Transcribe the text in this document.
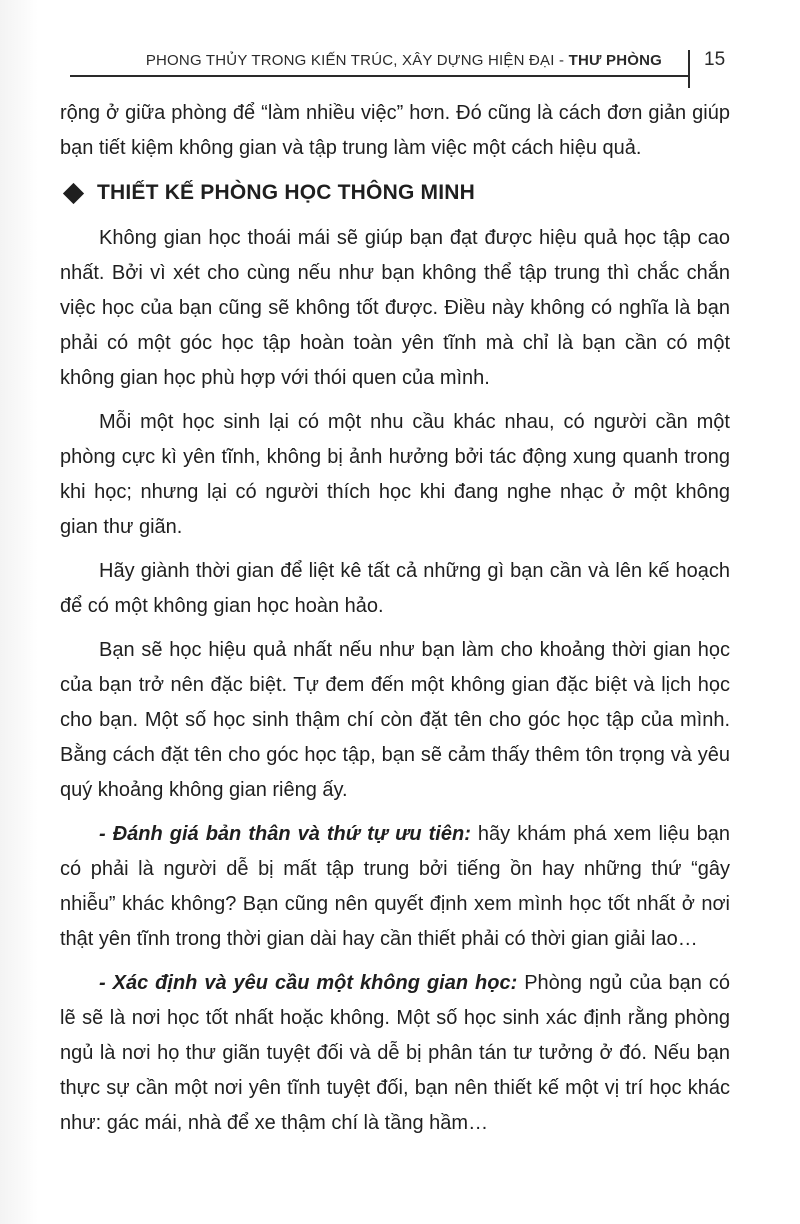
PHONG THỦY TRONG KIẾN TRÚC, XÂY DỰNG HIỆN ĐẠI - THƯ PHÒNG 15

rộng ở giữa phòng để “làm nhiều việc” hơn. Đó cũng là cách đơn giản giúp bạn tiết kiệm không gian và tập trung làm việc một cách hiệu quả.

THIẾT KẾ PHÒNG HỌC THÔNG MINH

Không gian học thoái mái sẽ giúp bạn đạt được hiệu quả học tập cao nhất. Bởi vì xét cho cùng nếu như bạn không thể tập trung thì chắc chắn việc học của bạn cũng sẽ không tốt được. Điều này không có nghĩa là bạn phải có một góc học tập hoàn toàn yên tĩnh mà chỉ là bạn cần có một không gian học phù hợp với thói quen của mình.

Mỗi một học sinh lại có một nhu cầu khác nhau, có người cần một phòng cực kì yên tĩnh, không bị ảnh hưởng bởi tác động xung quanh trong khi học; nhưng lại có người thích học khi đang nghe nhạc ở một không gian thư giãn.

Hãy giành thời gian để liệt kê tất cả những gì bạn cần và lên kế hoạch để có một không gian học hoàn hảo.

Bạn sẽ học hiệu quả nhất nếu như bạn làm cho khoảng thời gian học của bạn trở nên đặc biệt. Tự đem đến một không gian đặc biệt và lịch học cho bạn. Một số học sinh thậm chí còn đặt tên cho góc học tập của mình. Bằng cách đặt tên cho góc học tập, bạn sẽ cảm thấy thêm tôn trọng và yêu quý khoảng không gian riêng ấy.

- Đánh giá bản thân và thứ tự ưu tiên: hãy khám phá xem liệu bạn có phải là người dễ bị mất tập trung bởi tiếng ồn hay những thứ “gây nhiễu” khác không? Bạn cũng nên quyết định xem mình học tốt nhất ở nơi thật yên tĩnh trong thời gian dài hay cần thiết phải có thời gian giải lao…

- Xác định và yêu cầu một không gian học: Phòng ngủ của bạn có lẽ sẽ là nơi học tốt nhất hoặc không. Một số học sinh xác định rằng phòng ngủ là nơi họ thư giãn tuyệt đối và dễ bị phân tán tư tưởng ở đó. Nếu bạn thực sự cần một nơi yên tĩnh tuyệt đối, bạn nên thiết kế một vị trí học khác như: gác mái, nhà để xe thậm chí là tầng hầm…
